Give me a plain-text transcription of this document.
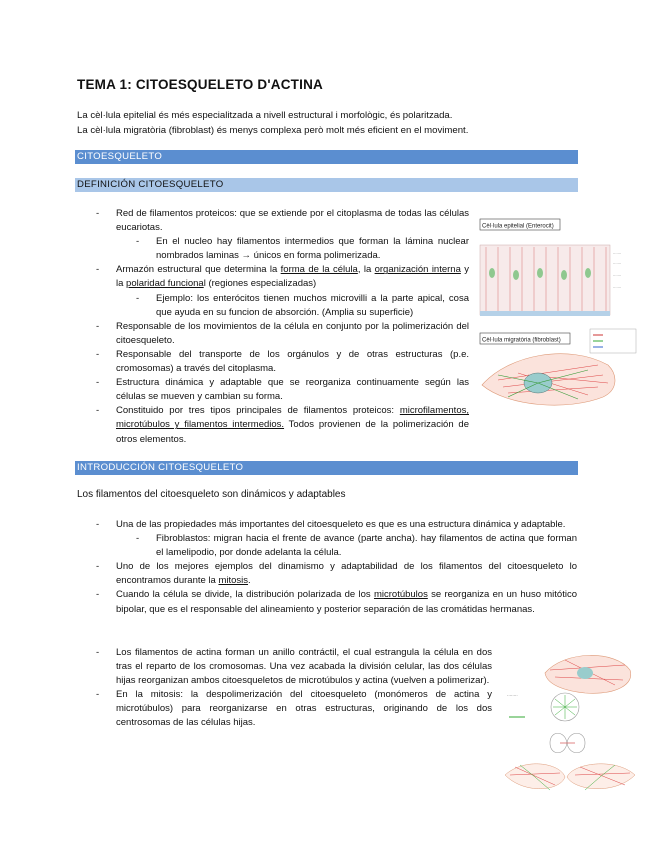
TEMA 1: CITOESQUELETO D'ACTINA
La cèl·lula epitelial és més especialitzada a nivell estructural i morfològic, és polaritzada.
La cèl·lula migratòria (fibroblast) és menys complexa però molt més eficient en el moviment.
CITOESQUELETO
DEFINICIÓN CITOESQUELETO
- Red de filamentos proteicos: que se extiende por el citoplasma de todas las células eucariotas.
- En el nucleo hay filamentos intermedios que forman la lámina nuclear nombrados laminas → únicos en forma polimerizada.
- Armazón estructural que determina la forma de la célula, la organización interna y la polaridad funcional (regiones especializadas)
- Ejemplo: los enterócitos tienen muchos microvilli a la parte apical, cosa que ayuda en su funcion de absorción. (Amplia su superficie)
- Responsable de los movimientos de la célula en conjunto por la polimerización del citoesqueleto.
- Responsable del transporte de los orgánulos y de otras estructuras (p.e. cromosomas) a través del citoplasma.
- Estructura dinámica y adaptable que se reorganiza continuamente según las células se mueven y cambian su forma.
- Constituido por tres tipos principales de filamentos proteicos: microfilamentos, microtúbulos y filamentos intermedios. Todos provienen de la polimerización de otros elementos.
Cèl·lula epitelial (Enterocit)
·······
·······
·······
·······
Cèl·lula migratòria (fibroblast)
INTRODUCCIÓN CITOESQUELETO
Los filamentos del citoesqueleto son dinámicos y adaptables
- Una de las propiedades más importantes del citoesqueleto es que es una estructura dinámica y adaptable.
- Fibroblastos: migran hacia el frente de avance (parte ancha). hay filamentos de actina que forman el lamelipodio, por donde adelanta la célula.
- Uno de los mejores ejemplos del dinamismo y adaptabilidad de los filamentos del citoesqueleto lo encontramos durante la mitosis.
- Cuando la célula se divide, la distribución polarizada de los microtúbulos se reorganiza en un huso mitótico bipolar, que es el responsable del alineamiento y posterior separación de las cromátidas hermanas.
- Los filamentos de actina forman un anillo contráctil, el cual estrangula la célula en dos tras el reparto de los cromosomas. Una vez acabada la división celular, las dos células hijas reorganizan ambos citoesqueletos de microtúbulos y actina (vuelven a polimerizar).
- En la mitosis: la despolimerización del citoesqueleto (monómeros de actina y microtúbulos) para reorganizarse en otras estructuras, originando de los dos centrosomas de las células hijas.
········
